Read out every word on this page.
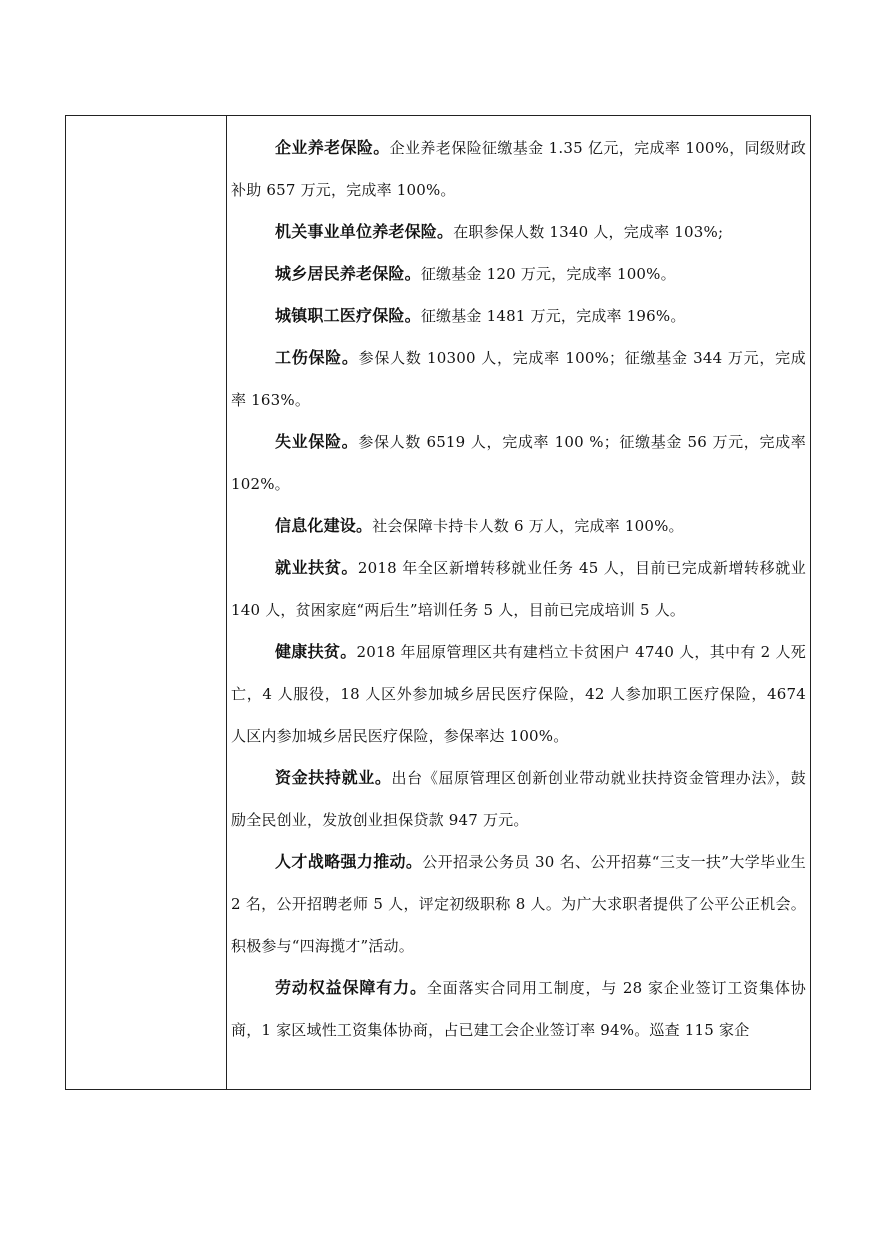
企业养老保险。企业养老保险征缴基金 1.35 亿元，完成率 100%，同级财政补助 657 万元，完成率 100%。

机关事业单位养老保险。在职参保人数 1340 人，完成率 103%;

城乡居民养老保险。征缴基金 120 万元，完成率 100%。

城镇职工医疗保险。征缴基金 1481 万元，完成率 196%。

工伤保险。参保人数 10300 人，完成率 100%；征缴基金 344 万元，完成率 163%。

失业保险。参保人数 6519 人，完成率 100 %；征缴基金 56 万元，完成率 102%。

信息化建设。社会保障卡持卡人数 6 万人，完成率 100%。

就业扶贫。2018 年全区新增转移就业任务 45 人，目前已完成新增转移就业 140 人，贫困家庭“两后生”培训任务 5 人，目前已完成培训 5 人。

健康扶贫。2018 年屈原管理区共有建档立卡贫困户 4740 人，其中有 2 人死亡，4 人服役，18 人区外参加城乡居民医疗保险，42 人参加职工医疗保险，4674 人区内参加城乡居民医疗保险，参保率达 100%。

资金扶持就业。出台《屈原管理区创新创业带动就业扶持资金管理办法》，鼓励全民创业，发放创业担保贷款 947 万元。

人才战略强力推动。公开招录公务员 30 名、公开招募“三支一扶”大学毕业生 2 名，公开招聘老师 5 人，评定初级职称 8 人。为广大求职者提供了公平公正机会。积极参与“四海揽才”活动。

劳动权益保障有力。全面落实合同用工制度，与 28 家企业签订工资集体协商，1 家区域性工资集体协商，占已建工会企业签订率 94%。巡查 115 家企
